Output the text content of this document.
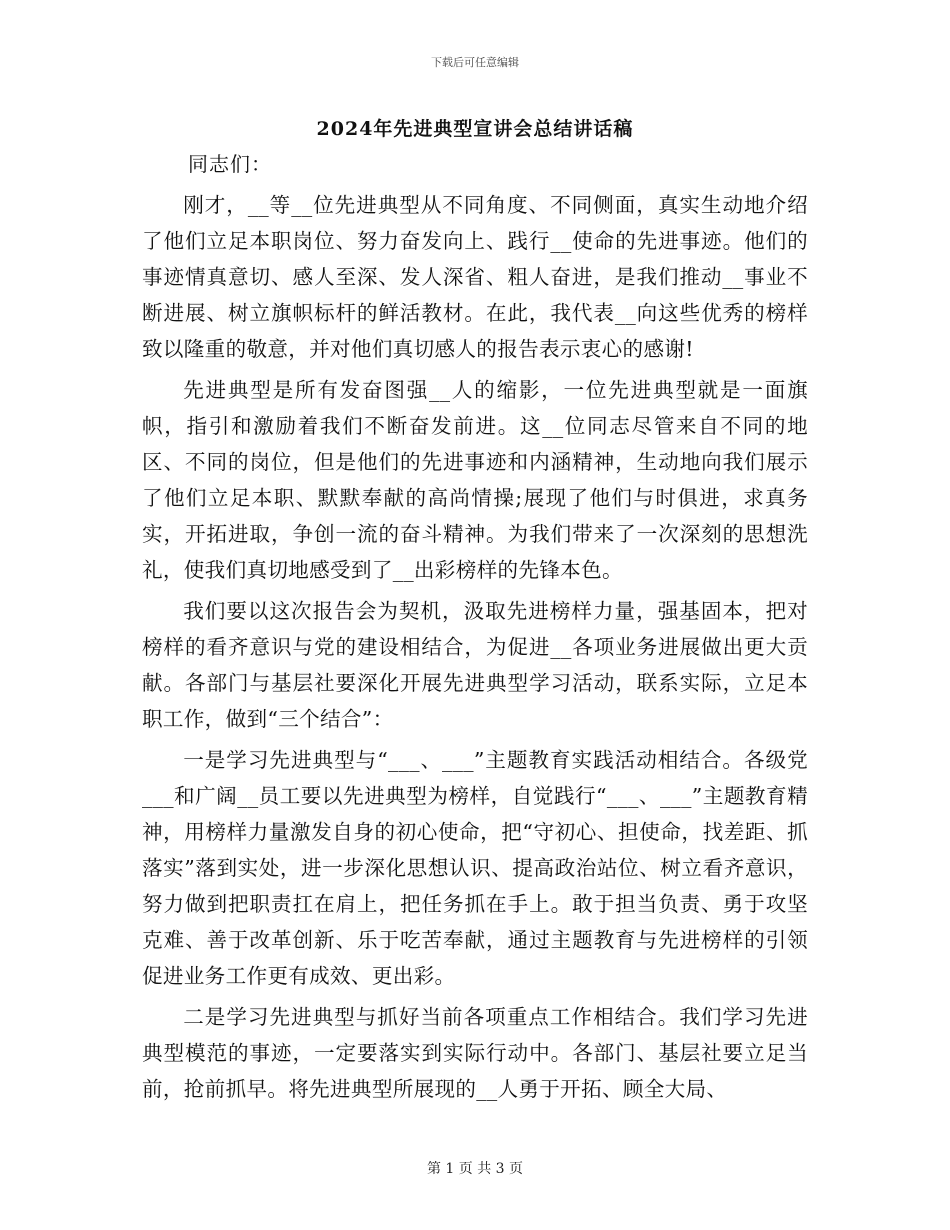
下载后可任意编辑
2024年先进典型宣讲会总结讲话稿

同志们：

刚才，__等__位先进典型从不同角度、不同侧面，真实生动地介绍了他们立足本职岗位、努力奋发向上、践行__使命的先进事迹。他们的事迹情真意切、感人至深、发人深省、粗人奋进，是我们推动__事业不断进展、树立旗帜标杆的鲜活教材。在此，我代表__向这些优秀的榜样致以隆重的敬意，并对他们真切感人的报告表示衷心的感谢!

先进典型是所有发奋图强__人的缩影，一位先进典型就是一面旗帜，指引和激励着我们不断奋发前进。这__位同志尽管来自不同的地区、不同的岗位，但是他们的先进事迹和内涵精神，生动地向我们展示了他们立足本职、默默奉献的高尚情操;展现了他们与时俱进，求真务实，开拓进取，争创一流的奋斗精神。为我们带来了一次深刻的思想洗礼，使我们真切地感受到了__出彩榜样的先锋本色。

我们要以这次报告会为契机，汲取先进榜样力量，强基固本，把对榜样的看齐意识与党的建设相结合，为促进__各项业务进展做出更大贡献。各部门与基层社要深化开展先进典型学习活动，联系实际，立足本职工作，做到“三个结合”：

一是学习先进典型与“___、___”主题教育实践活动相结合。各级党___和广阔__员工要以先进典型为榜样，自觉践行“___、___”主题教育精神，用榜样力量激发自身的初心使命，把“守初心、担使命，找差距、抓落实”落到实处，进一步深化思想认识、提高政治站位、树立看齐意识，努力做到把职责扛在肩上，把任务抓在手上。敢于担当负责、勇于攻坚克难、善于改革创新、乐于吃苦奉献，通过主题教育与先进榜样的引领促进业务工作更有成效、更出彩。

二是学习先进典型与抓好当前各项重点工作相结合。我们学习先进典型模范的事迹，一定要落实到实际行动中。各部门、基层社要立足当前，抢前抓早。将先进典型所展现的__人勇于开拓、顾全大局、

第 1 页 共 3 页
